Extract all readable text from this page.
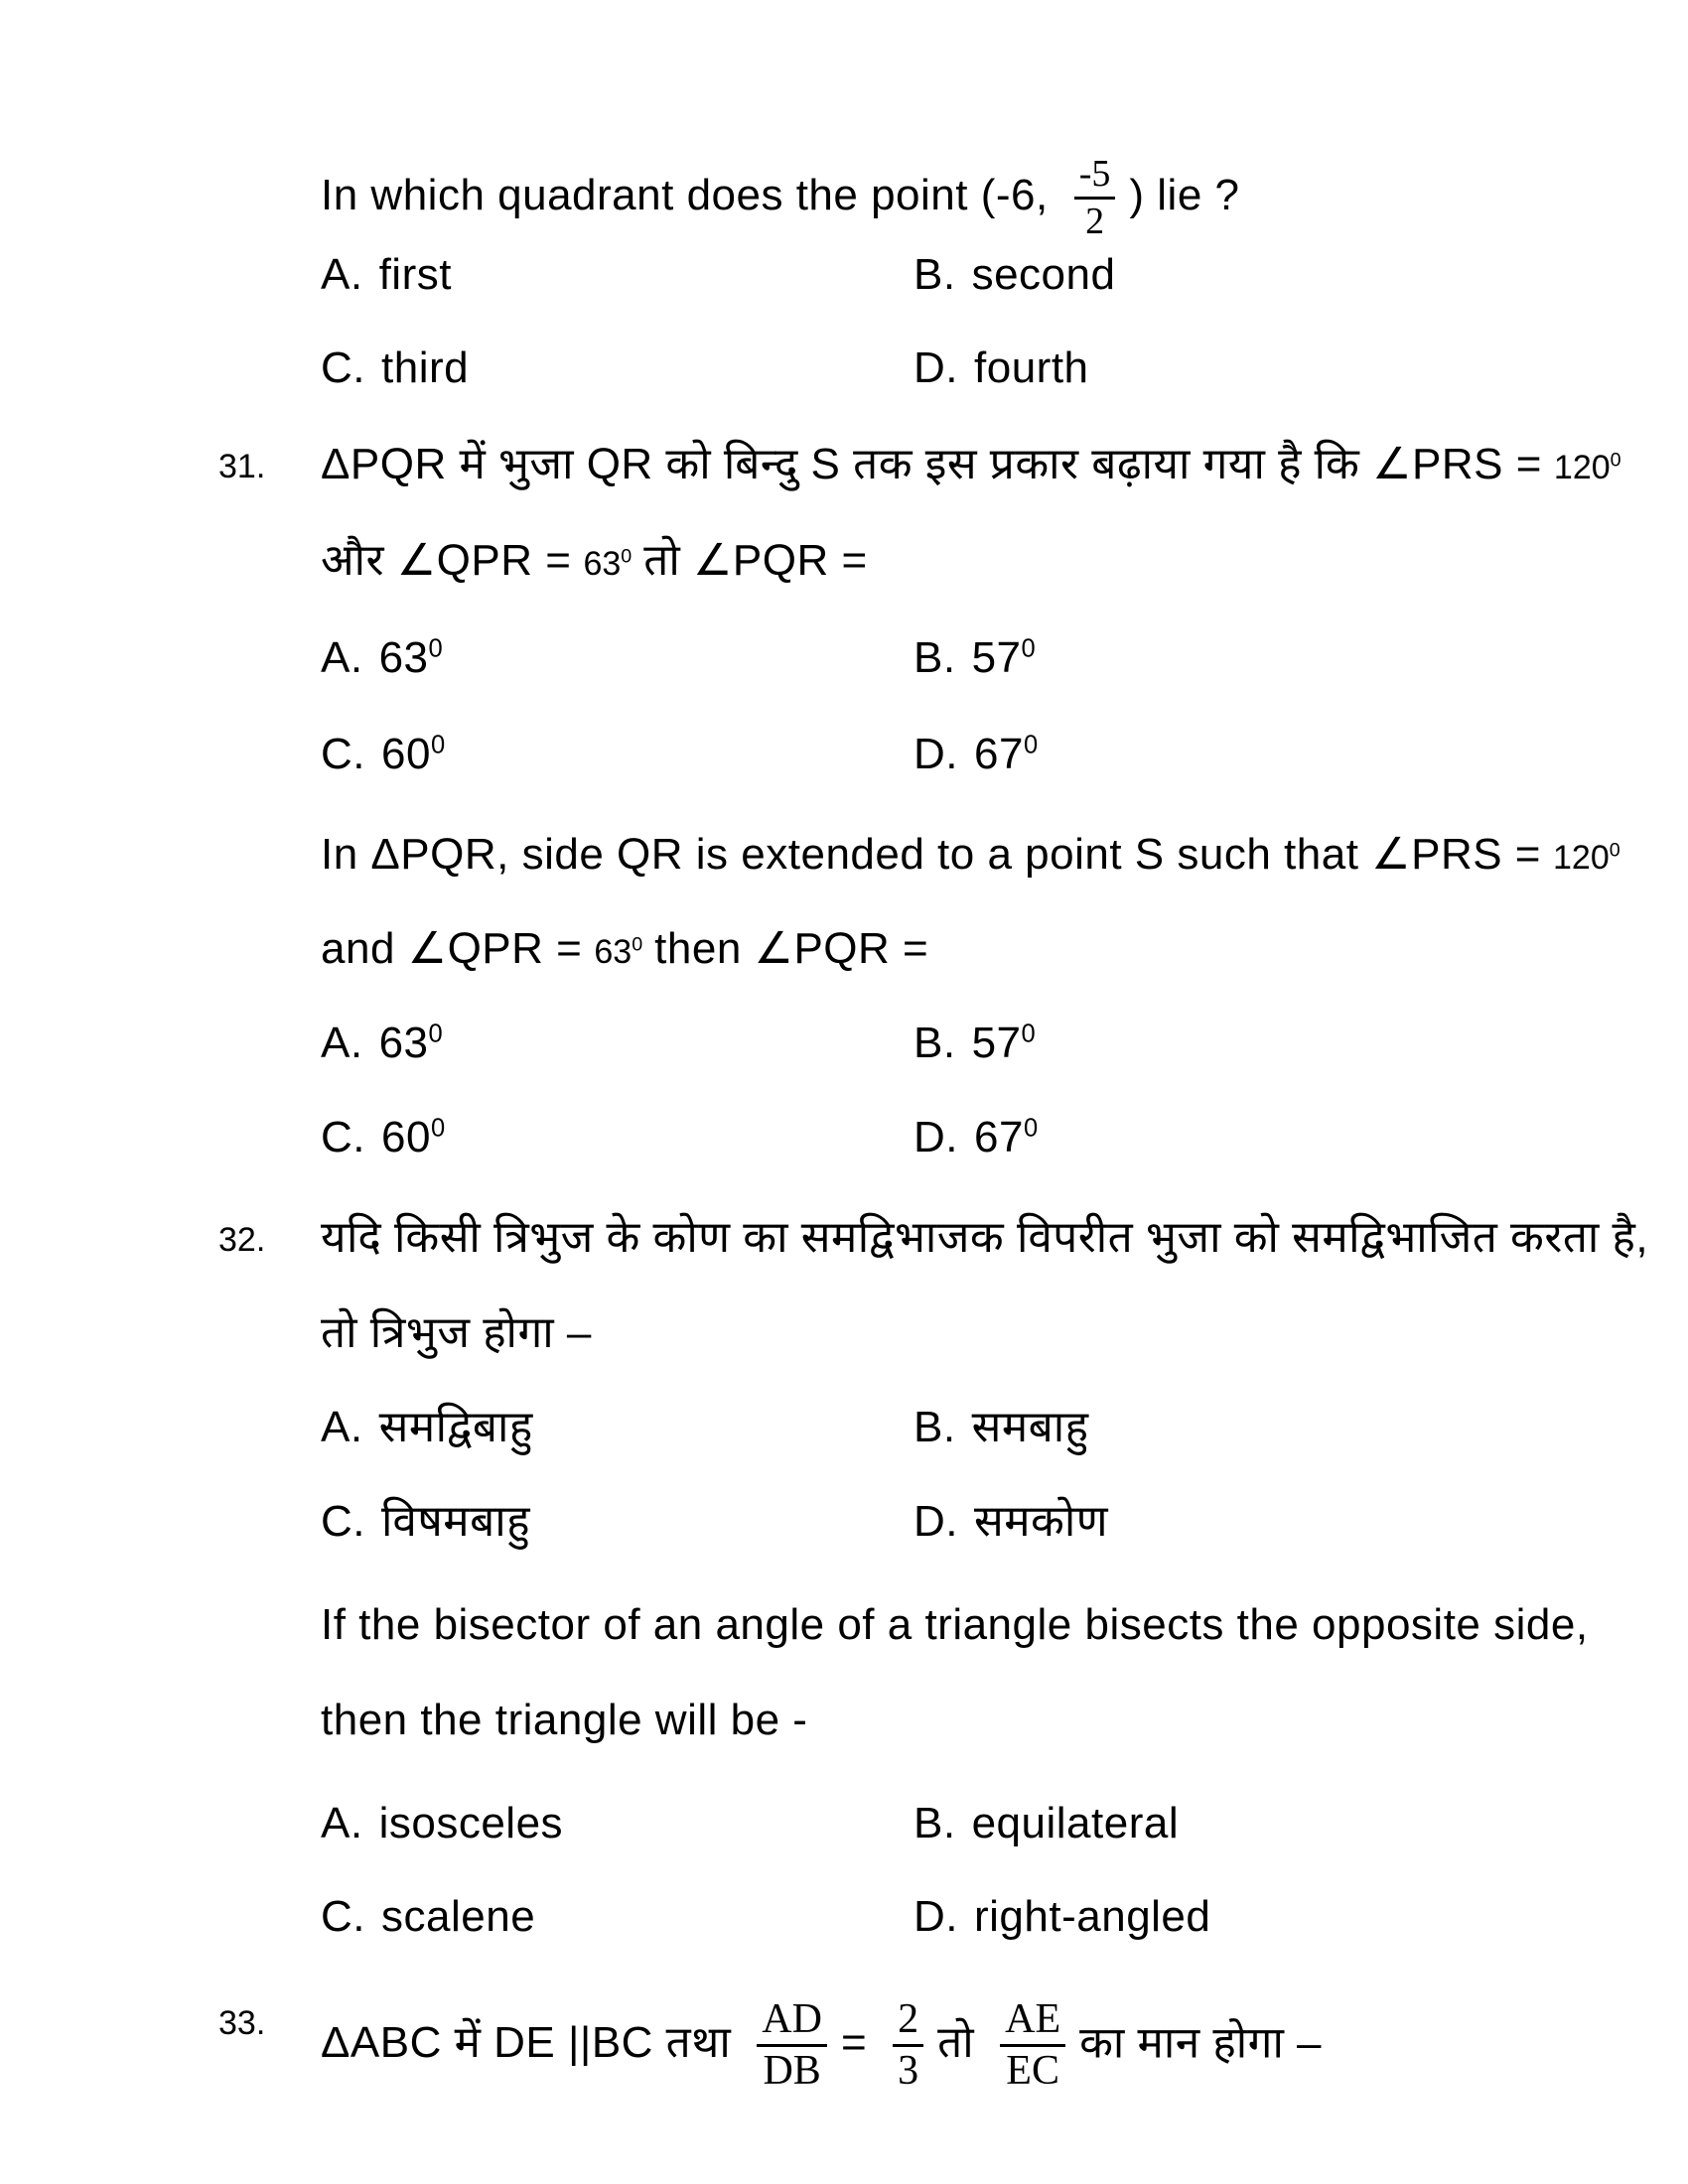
In which quadrant does the point (-6, $\frac{-5}{2}$ ) lie ?
A. first	B. second
C. third	D. fourth
31. ΔPQR में भुजा QR को बिन्दु S तक इस प्रकार बढ़ाया गया है कि ∠PRS = $120^0$
और ∠QPR = $63^0$ तो ∠PQR =
A. $63^0$	B. $57^0$
C. $60^0$	D. $67^0$
In ΔPQR, side QR is extended to a point S such that ∠PRS = $120^0$
and ∠QPR = $63^0$ then ∠PQR =
A. $63^0$	B. $57^0$
C. $60^0$	D. $67^0$
32. यदि किसी त्रिभुज के कोण का समद्विभाजक विपरीत भुजा को समद्विभाजित करता है,
तो त्रिभुज होगा –
A. समद्विबाहु	B. समबाहु
C. विषमबाहु	D. समकोण
If the bisector of an angle of a triangle bisects the opposite side,
then the triangle will be -
A. isosceles	B. equilateral
C. scalene	D. right-angled
33. ΔABC में DE ||BC तथा $\frac{AD}{DB} = \frac{2}{3}$ तो $\frac{AE}{EC}$ का मान होगा –
